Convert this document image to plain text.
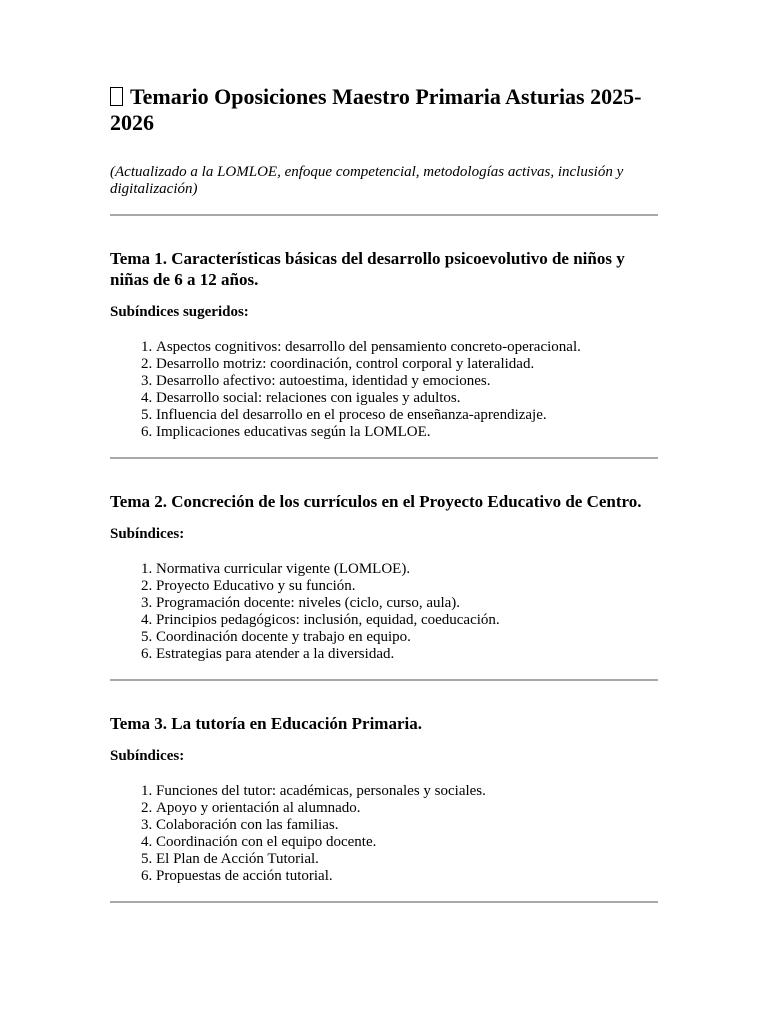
Temario Oposiciones Maestro Primaria Asturias 2025-2026

(Actualizado a la LOMLOE, enfoque competencial, metodologías activas, inclusión y digitalización)

Tema 1. Características básicas del desarrollo psicoevolutivo de niños y niñas de 6 a 12 años.

Subíndices sugeridos:

1. Aspectos cognitivos: desarrollo del pensamiento concreto-operacional.
2. Desarrollo motriz: coordinación, control corporal y lateralidad.
3. Desarrollo afectivo: autoestima, identidad y emociones.
4. Desarrollo social: relaciones con iguales y adultos.
5. Influencia del desarrollo en el proceso de enseñanza-aprendizaje.
6. Implicaciones educativas según la LOMLOE.
Tema 2. Concreción de los currículos en el Proyecto Educativo de Centro.

Subíndices:

1. Normativa curricular vigente (LOMLOE).
2. Proyecto Educativo y su función.
3. Programación docente: niveles (ciclo, curso, aula).
4. Principios pedagógicos: inclusión, equidad, coeducación.
5. Coordinación docente y trabajo en equipo.
6. Estrategias para atender a la diversidad.
Tema 3. La tutoría en Educación Primaria.

Subíndices:

1. Funciones del tutor: académicas, personales y sociales.
2. Apoyo y orientación al alumnado.
3. Colaboración con las familias.
4. Coordinación con el equipo docente.
5. El Plan de Acción Tutorial.
6. Propuestas de acción tutorial.
